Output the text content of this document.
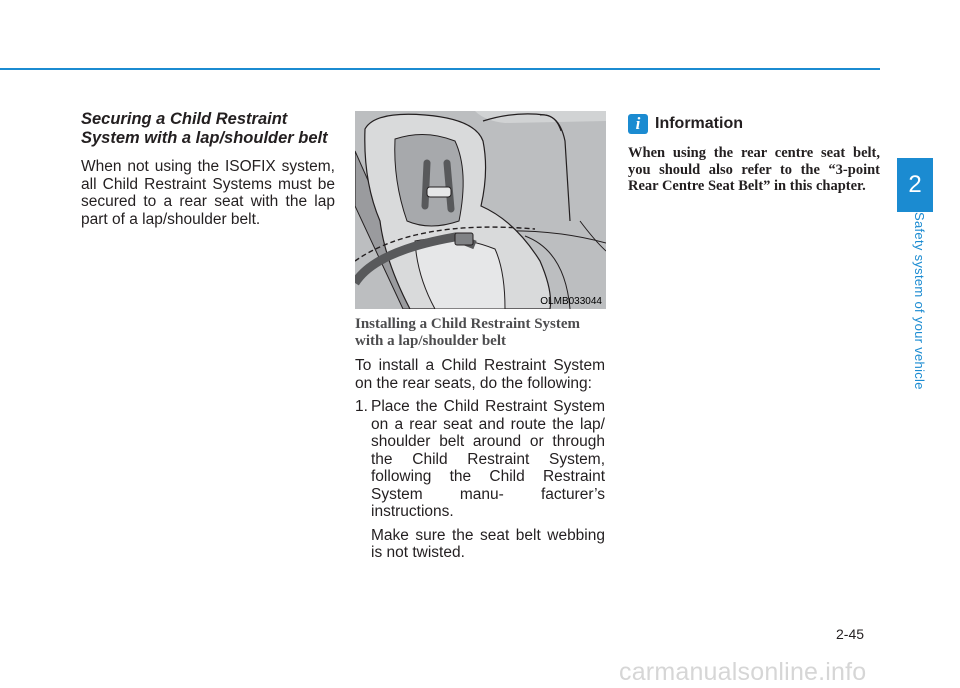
2
Safety system of your vehicle
Securing a Child Restraint
System with a lap/shoulder belt

When not using the ISOFIX system, all Child Restraint Systems must be secured to a rear seat with the lap part of a lap/shoulder belt.

OLMB033044
Installing a Child Restraint System
with a lap/shoulder belt

To install a Child Restraint System on the rear seats, do the following:

1. Place the Child Restraint System on a rear seat and route the lap/ shoulder belt around or through the Child Restraint System, following the Child Restraint System manu- facturer’s instructions.

Make sure the seat belt webbing is not twisted.

i Information

When using the rear centre seat belt, you should also refer to the “3-point Rear Centre Seat Belt” in this chapter.

2-45
carmanualsonline.info
